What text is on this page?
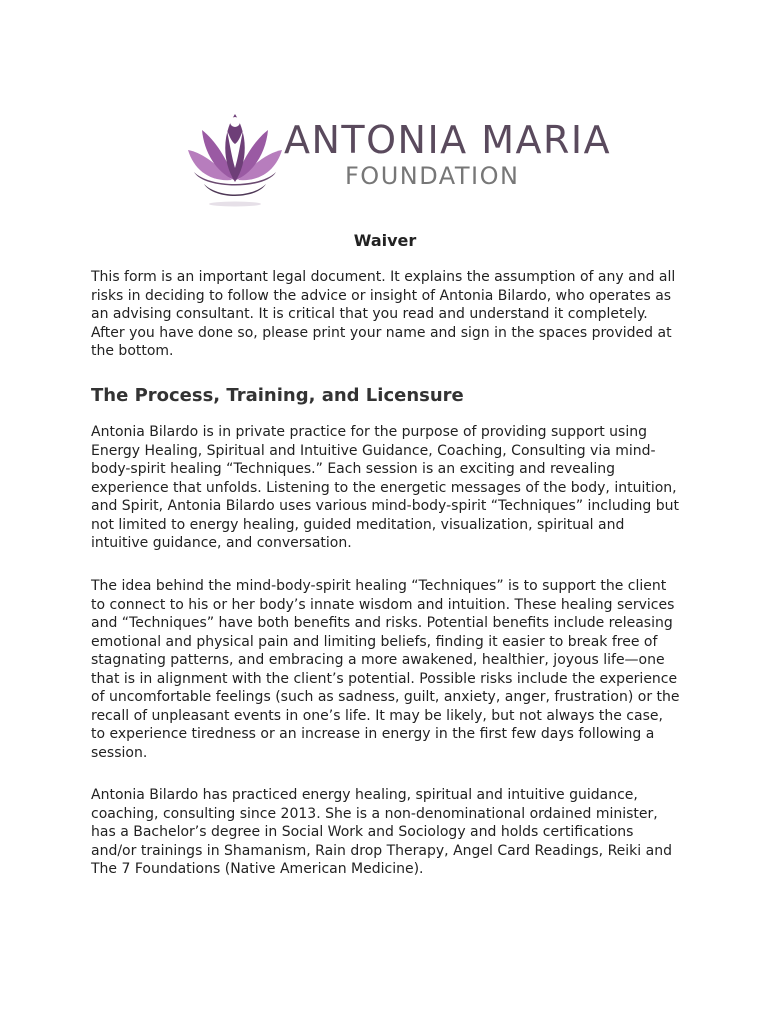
ANTONIA MARIA
FOUNDATION
Waiver

This form is an important legal document. It explains the assumption of any and all risks in deciding to follow the advice or insight of Antonia Bilardo, who operates as an advising consultant. It is critical that you read and understand it completely. After you have done so, please print your name and sign in the spaces provided at the bottom.

The Process, Training, and Licensure

Antonia Bilardo is in private practice for the purpose of providing support using Energy Healing, Spiritual and Intuitive Guidance, Coaching, Consulting via mind-body-spirit healing “Techniques.” Each session is an exciting and revealing experience that unfolds. Listening to the energetic messages of the body, intuition, and Spirit, Antonia Bilardo uses various mind-body-spirit “Techniques” including but not limited to energy healing, guided meditation, visualization, spiritual and intuitive guidance, and conversation.

The idea behind the mind-body-spirit healing “Techniques” is to support the client to connect to his or her body’s innate wisdom and intuition. These healing services and “Techniques” have both benefits and risks. Potential benefits include releasing emotional and physical pain and limiting beliefs, finding it easier to break free of stagnating patterns, and embracing a more awakened, healthier, joyous life—one that is in alignment with the client’s potential. Possible risks include the experience of uncomfortable feelings (such as sadness, guilt, anxiety, anger, frustration) or the recall of unpleasant events in one’s life. It may be likely, but not always the case, to experience tiredness or an increase in energy in the first few days following a session.

Antonia Bilardo has practiced energy healing, spiritual and intuitive guidance, coaching, consulting since 2013. She is a non-denominational ordained minister, has a Bachelor’s degree in Social Work and Sociology and holds certifications and/or trainings in Shamanism, Rain drop Therapy, Angel Card Readings, Reiki and The 7 Foundations (Native American Medicine).
